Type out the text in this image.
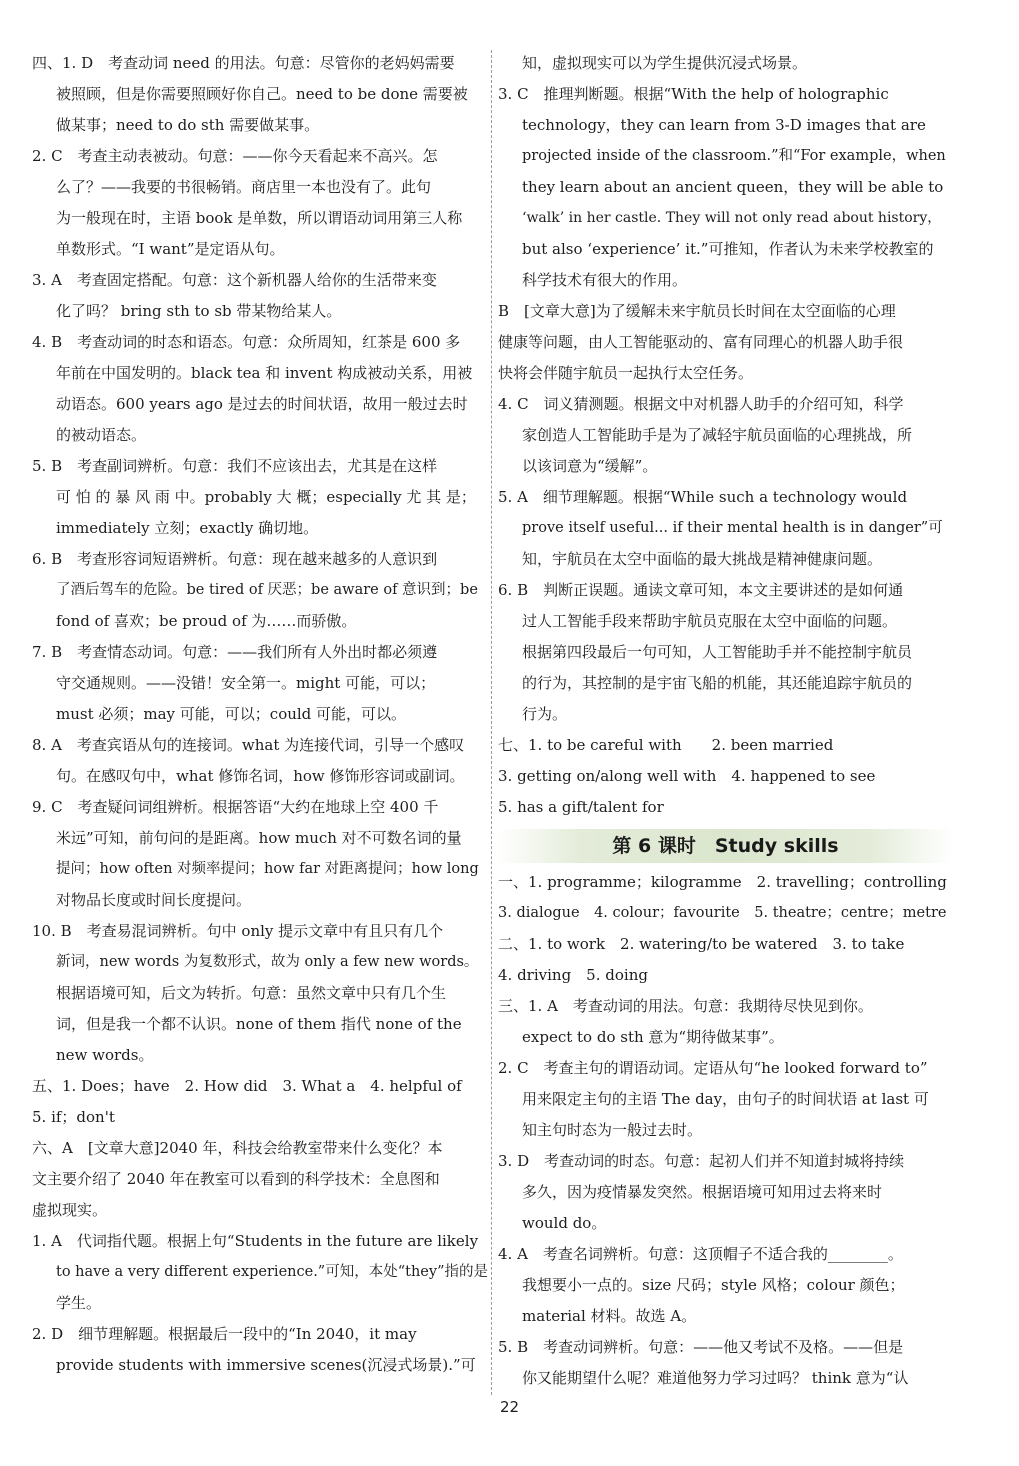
四、1. D　考查动词 need 的用法。句意：尽管你的老妈妈需要
被照顾，但是你需要照顾好你自己。need to be done 需要被
做某事；need to do sth 需要做某事。
2. C　考查主动表被动。句意：——你今天看起来不高兴。怎
么了？——我要的书很畅销。商店里一本也没有了。此句
为一般现在时，主语 book 是单数，所以谓语动词用第三人称
单数形式。“I want”是定语从句。
3. A　考查固定搭配。句意：这个新机器人给你的生活带来变
化了吗？ bring sth to sb 带某物给某人。
4. B　考查动词的时态和语态。句意：众所周知，红茶是 600 多
年前在中国发明的。black tea 和 invent 构成被动关系，用被
动语态。600 years ago 是过去的时间状语，故用一般过去时
的被动语态。
5. B　考查副词辨析。句意：我们不应该出去，尤其是在这样
可 怕 的 暴 风 雨 中。probably 大 概；especially 尤 其 是；
immediately 立刻；exactly 确切地。
6. B　考查形容词短语辨析。句意：现在越来越多的人意识到
了酒后驾车的危险。be tired of 厌恶；be aware of 意识到；be
fond of 喜欢；be proud of 为……而骄傲。
7. B　考查情态动词。句意：——我们所有人外出时都必须遵
守交通规则。——没错！安全第一。might 可能，可以；
must 必须；may 可能，可以；could 可能，可以。
8. A　考查宾语从句的连接词。what 为连接代词，引导一个感叹
句。在感叹句中，what 修饰名词，how 修饰形容词或副词。
9. C　考查疑问词组辨析。根据答语“大约在地球上空 400 千
米远”可知，前句问的是距离。how much 对不可数名词的量
提问；how often 对频率提问；how far 对距离提问；how long
对物品长度或时间长度提问。
10. B　考查易混词辨析。句中 only 提示文章中有且只有几个
新词，new words 为复数形式，故为 only a few new words。
根据语境可知，后文为转折。句意：虽然文章中只有几个生
词，但是我一个都不认识。none of them 指代 none of the
new words。
五、1. Does；have　2. How did　3. What a　4. helpful of
5. if；don't
六、A　[文章大意]2040 年，科技会给教室带来什么变化？本
文主要介绍了 2040 年在教室可以看到的科学技术：全息图和
虚拟现实。
1. A　代词指代题。根据上句“Students in the future are likely
to have a very different experience.”可知，本处“they”指的是
学生。
2. D　细节理解题。根据最后一段中的“In 2040，it may
provide students with immersive scenes(沉浸式场景).”可
知，虚拟现实可以为学生提供沉浸式场景。
3. C　推理判断题。根据“With the help of holographic
technology，they can learn from 3-D images that are
projected inside of the classroom.”和“For example，when
they learn about an ancient queen，they will be able to
‘walk’ in her castle. They will not only read about history，
but also ‘experience’ it.”可推知，作者认为未来学校教室的
科学技术有很大的作用。
B　[文章大意]为了缓解未来宇航员长时间在太空面临的心理
健康等问题，由人工智能驱动的、富有同理心的机器人助手很
快将会伴随宇航员一起执行太空任务。
4. C　词义猜测题。根据文中对机器人助手的介绍可知，科学
家创造人工智能助手是为了减轻宇航员面临的心理挑战，所
以该词意为“缓解”。
5. A　细节理解题。根据“While such a technology would
prove itself useful... if their mental health is in danger”可
知，宇航员在太空中面临的最大挑战是精神健康问题。
6. B　判断正误题。通读文章可知，本文主要讲述的是如何通
过人工智能手段来帮助宇航员克服在太空中面临的问题。
根据第四段最后一句可知，人工智能助手并不能控制宇航员
的行为，其控制的是宇宙飞船的机能，其还能追踪宇航员的
行为。
七、1. to be careful with　　2. been married
3. getting on/along well with　4. happened to see
5. has a gift/talent for
第 6 课时　Study skills
一、1. programme；kilogramme　2. travelling；controlling
3. dialogue　4. colour；favourite　5. theatre；centre；metre
二、1. to work　2. watering/to be watered　3. to take
4. driving　5. doing
三、1. A　考查动词的用法。句意：我期待尽快见到你。
expect to do sth 意为“期待做某事”。
2. C　考查主句的谓语动词。定语从句“he looked forward to”
用来限定主句的主语 The day，由句子的时间状语 at last 可
知主句时态为一般过去时。
3. D　考查动词的时态。句意：起初人们并不知道封城将持续
多久，因为疫情暴发突然。根据语境可知用过去将来时
would do。
4. A　考查名词辨析。句意：这顶帽子不适合我的________。
我想要小一点的。size 尺码；style 风格；colour 颜色；
material 材料。故选 A。
5. B　考查动词辨析。句意：——他又考试不及格。——但是
你又能期望什么呢？难道他努力学习过吗？ think 意为“认
22
